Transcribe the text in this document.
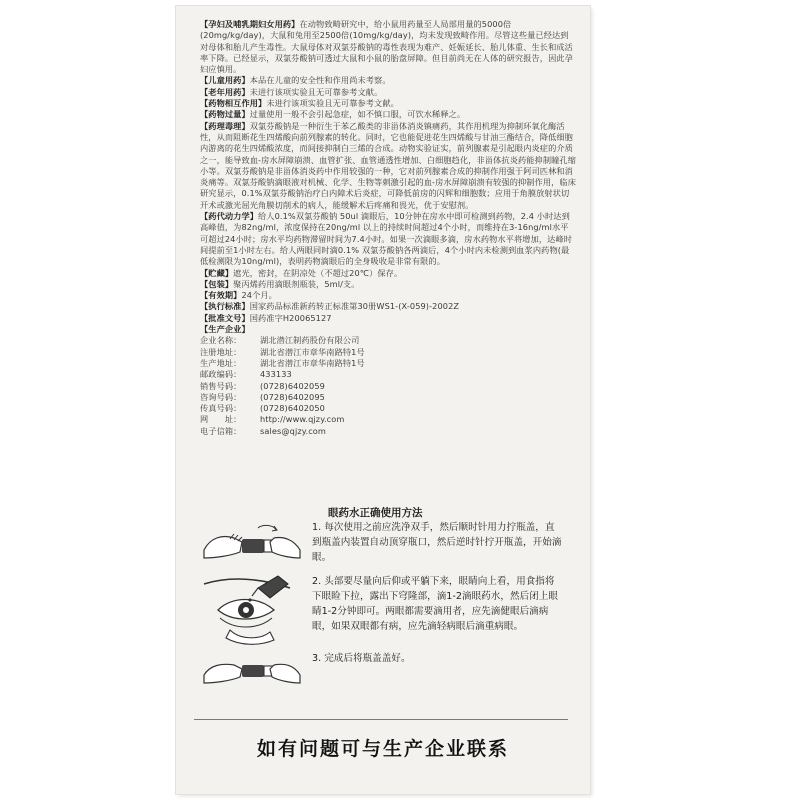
【孕妇及哺乳期妇女用药】在动物致畸研究中，给小鼠用药量至人局部用量的5000倍(20mg/kg/day)，大鼠和兔用至2500倍(10mg/kg/day)，均未发现致畸作用。尽管这些量已经达到对母体和胎儿产生毒性。大鼠母体对双氯芬酸钠的毒性表现为难产、妊娠延长、胎儿体重、生长和成活率下降。已经显示，双氯芬酸钠可透过大鼠和小鼠的胎盘屏障。但目前尚无在人体的研究报告，因此孕妇应慎用。

【儿童用药】本品在儿童的安全性和作用尚未考察。

【老年用药】未进行该项实验且无可靠参考文献。

【药物相互作用】未进行该项实验且无可靠参考文献。

【药物过量】过量使用一般不会引起急症，如不慎口服，可饮水稀释之。

【药理毒理】双氯芬酸钠是一种衍生于苯乙酸类的非甾体消炎镇痛药，其作用机理为抑制环氧化酶活性，从而阻断花生四烯酸向前列腺素的转化。同时，它也能促进花生四烯酸与甘油三酯结合，降低细胞内游离的花生四烯酸浓度，而间接抑制白三烯的合成。动物实验证实，前列腺素是引起眼内炎症的介质之一，能导致血-房水屏障崩溃、血管扩张、血管通透性增加、白细胞趋化，非甾体抗炎药能抑制瞳孔缩小等。双氯芬酸钠是非甾体消炎药中作用较强的一种，它对前列腺素合成的抑制作用强于阿司匹林和消炎痛等。双氯芬酸钠滴眼液对机械、化学、生物等刺激引起的血-房水屏障崩溃有较强的抑制作用，临床研究显示，0.1%双氯芬酸钠治疗白内障术后炎症，可降低前房的闪辉和细胞数；应用于角膜放射状切开术或激光屈光角膜切削术的病人，能缓解术后疼痛和畏光，优于安慰剂。

【药代动力学】给人0.1%双氯芬酸钠 50ul 滴眼后，10分钟在房水中即可检测到药物，2.4 小时达到高峰值，为82ng/ml，浓度保持在20ng/ml 以上的持续时间超过4个小时，而维持在3-16ng/ml水平可超过24小时；房水平均药物滞留时间为7.4小时。如果一次滴眼多滴，房水药物水平将增加，达峰时间提前至1小时左右。给人两眼同时滴0.1% 双氯芬酸钠各两滴后，4个小时内未检测到血浆内药物(最低检测限为10ng/ml)，表明药物滴眼后的全身吸收是非常有限的。

【贮藏】遮光，密封，在阴凉处（不超过20℃）保存。

【包装】聚丙烯药用滴眼剂瓶装，5ml/支。

【有效期】24个月。

【执行标准】国家药品标准新药转正标准第30册WS1-(X-059)-2002Z

【批准文号】国药准字H20065127

【生产企业】

企业名称：	湖北潜江制药股份有限公司
注册地址：	湖北省潜江市章华南路特1号
生产地址：	湖北省潜江市章华南路特1号
邮政编码：	433133
销售号码：	(0728)6402059
咨询号码：	(0728)6402095
传真号码：	(0728)6402050
网　　址：	http://www.qjzy.com
电子信箱：	sales@qjzy.com
眼药水正确使用方法
1. 每次使用之前应洗净双手，然后顺时针用力拧瓶盖，直到瓶盖内装置自动顶穿瓶口，然后逆时针拧开瓶盖，开始滴眼。
2. 头部要尽量向后仰或平躺下来，眼睛向上看，用食指将下眼睑下拉，露出下穹隆部，滴1-2滴眼药水，然后闭上眼睛1-2分钟即可。两眼都需要滴用者，应先滴健眼后滴病眼，如果双眼都有病，应先滴轻病眼后滴重病眼。
3. 完成后将瓶盖盖好。
如有问题可与生产企业联系
